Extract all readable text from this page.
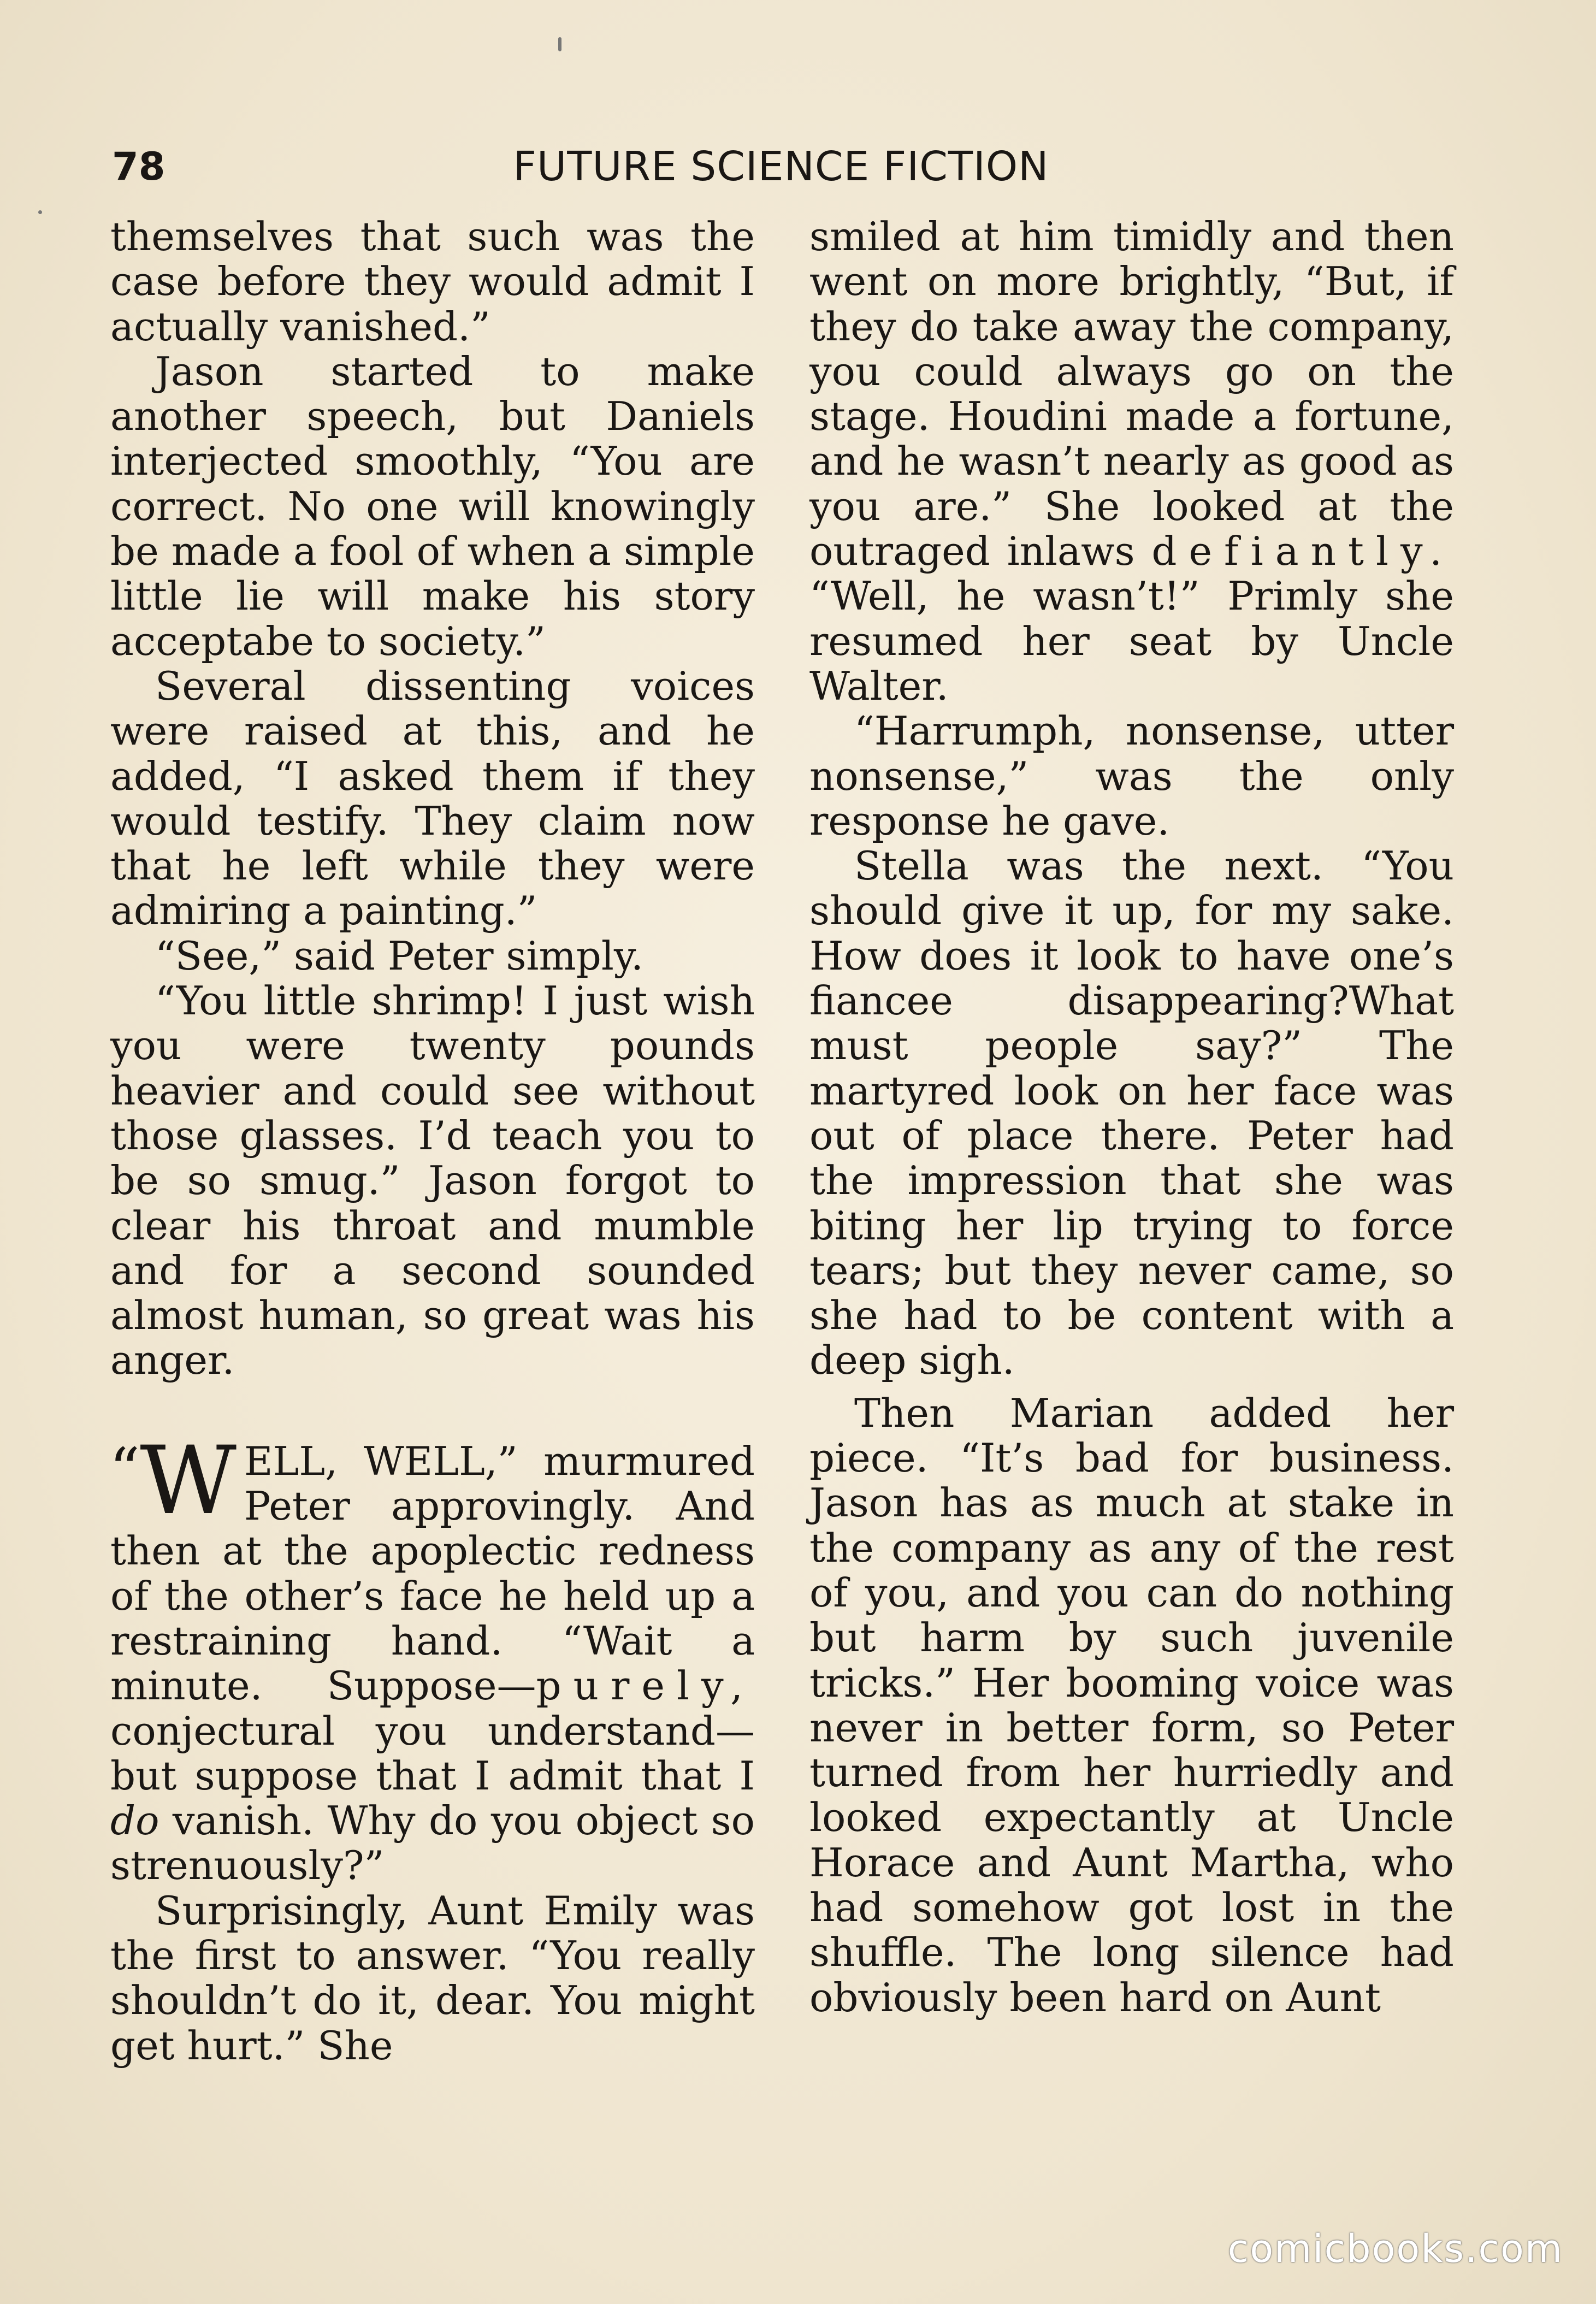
78	FUTURE SCIENCE FICTION

themselves that such was the case before they would admit I actually vanished.”

Jason started to make another speech, but Daniels interjected smoothly, “You are correct. No one will knowingly be made a fool of when a simple little lie will make his story acceptabe to society.”

Several dissenting voices were raised at this, and he added, “I asked them if they would testify. They claim now that he left while they were admiring a painting.”

“See,” said Peter simply.

“You little shrimp! I just wish you were twenty pounds heavier and could see without those glasses. I’d teach you to be so smug.” Jason forgot to clear his throat and mumble and for a second sounded almost human, so great was his anger.

“W ELL, WELL,” murmured Peter approvingly. And then at the apoplectic redness of the other’s face he held up a restraining hand. “Wait a minute. Suppose—purely, conjectural you understand—but suppose that I admit that I do vanish. Why do you object so strenuously?”

Surprisingly, Aunt Emily was the first to answer. “You really shouldn’t do it, dear. You might get hurt.” She

smiled at him timidly and then went on more brightly, “But, if they do take away the company, you could always go on the stage. Houdini made a fortune, and he wasn’t nearly as good as you are.” She looked at the outraged inlaws defiantly. “Well, he wasn’t!” Primly she resumed her seat by Uncle Walter.

“Harrumph, nonsense, utter nonsense,” was the only response he gave.

Stella was the next. “You should give it up, for my sake. How does it look to have one’s fiancee disappearing?What must people say?” The martyred look on her face was out of place there. Peter had the impression that she was biting her lip trying to force tears; but they never came, so she had to be content with a deep sigh.

Then Marian added her piece. “It’s bad for business. Jason has as much at stake in the company as any of the rest of you, and you can do nothing but harm by such juvenile tricks.” Her booming voice was never in better form, so Peter turned from her hurriedly and looked expectantly at Uncle Horace and Aunt Martha, who had somehow got lost in the shuffle. The long silence had obviously been hard on Aunt

comicbooks.com
